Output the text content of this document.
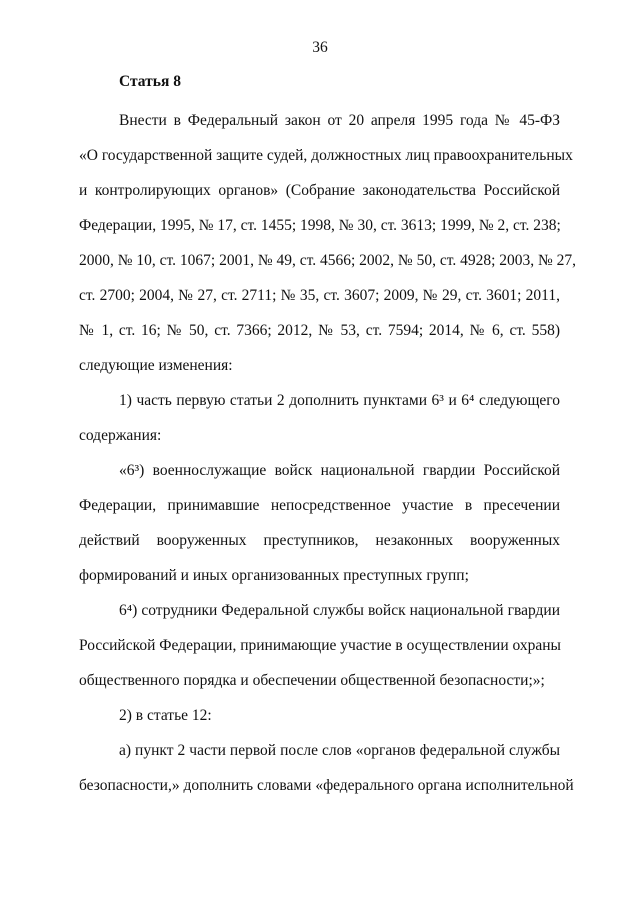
36
Статья 8
Внести в Федеральный закон от 20 апреля 1995 года № 45-ФЗ
«О государственной защите судей, должностных лиц правоохранительных
и контролирующих органов» (Собрание законодательства Российской
Федерации, 1995, № 17, ст. 1455; 1998, № 30, ст. 3613; 1999, № 2, ст. 238;
2000, № 10, ст. 1067; 2001, № 49, ст. 4566; 2002, № 50, ст. 4928; 2003, № 27,
ст. 2700; 2004, № 27, ст. 2711; № 35, ст. 3607; 2009, № 29, ст. 3601; 2011,
№ 1, ст. 16; № 50, ст. 7366; 2012, № 53, ст. 7594; 2014, № 6, ст. 558)
следующие изменения:
1) часть первую статьи 2 дополнить пунктами 6³ и 6⁴ следующего
содержания:
«6³) военнослужащие войск национальной гвардии Российской
Федерации, принимавшие непосредственное участие в пресечении
действий вооруженных преступников, незаконных вооруженных
формирований и иных организованных преступных групп;
6⁴) сотрудники Федеральной службы войск национальной гвардии
Российской Федерации, принимающие участие в осуществлении охраны
общественного порядка и обеспечении общественной безопасности;»;
2) в статье 12:
а) пункт 2 части первой после слов «органов федеральной службы
безопасности,» дополнить словами «федерального органа исполнительной
